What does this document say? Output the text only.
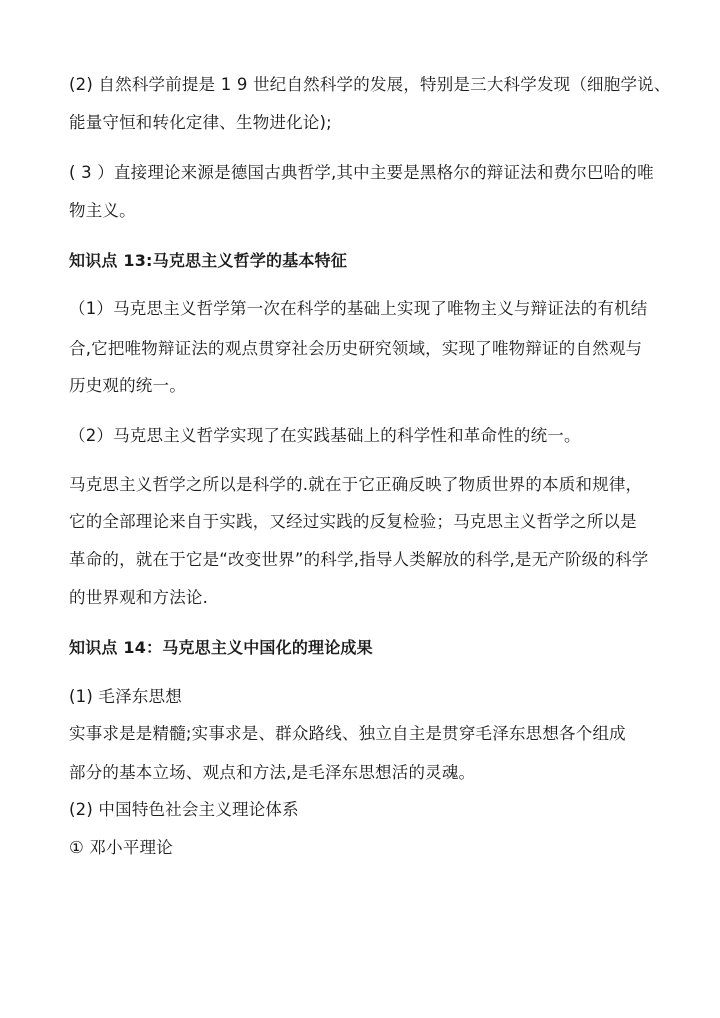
(2) 自然科学前提是 1 9 世纪自然科学的发展，特别是三大科学发现（细胞学说、
能量守恒和转化定律、生物进化论);
( 3 ）直接理论来源是德国古典哲学,其中主要是黑格尔的辩证法和费尔巴哈的唯
物主义。
知识点 13:马克思主义哲学的基本特征
（1）马克思主义哲学第一次在科学的基础上实现了唯物主义与辩证法的有机结
合,它把唯物辩证法的观点贯穿社会历史研究领域，实现了唯物辩证的自然观与
历史观的统一。
（2）马克思主义哲学实现了在实践基础上的科学性和革命性的统一。
马克思主义哲学之所以是科学的.就在于它正确反映了物质世界的本质和规律，
它的全部理论来自于实践，又经过实践的反复检验；马克思主义哲学之所以是
革命的，就在于它是“改变世界”的科学,指导人类解放的科学,是无产阶级的科学
的世界观和方法论.
知识点 14：马克思主义中国化的理论成果
(1) 毛泽东思想
实事求是是精髓;实事求是、群众路线、独立自主是贯穿毛泽东思想各个组成
部分的基本立场、观点和方法,是毛泽东思想活的灵魂。
(2) 中国特色社会主义理论体系
① 邓小平理论
